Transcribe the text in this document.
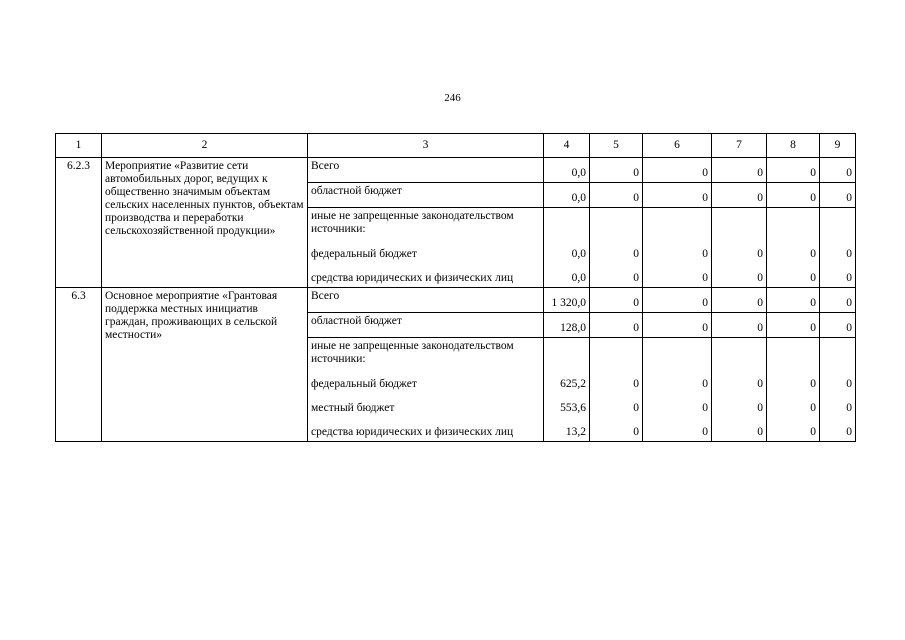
246
1	2	3	4	5	6	7	8	9
6.2.3	Мероприятие «Развитие сети автомобильных дорог, ведущих к общественно значимым объектам сельских населенных пунктов, объектам производства и переработки сельскохозяйственной продукции»	Всего	0,0	0	0	0	0	0
		областной бюджет	0,0	0	0	0	0	0
		иные не запрещенные законодательством источники:						
		федеральный бюджет	0,0	0	0	0	0	0
		средства юридических и физических лиц	0,0	0	0	0	0	0
6.3	Основное мероприятие «Грантовая поддержка местных инициатив граждан, проживающих в сельской местности»	Всего	1 320,0	0	0	0	0	0
		областной бюджет	128,0	0	0	0	0	0
		иные не запрещенные законодательством источники:						
		федеральный бюджет	625,2	0	0	0	0	0
		местный бюджет	553,6	0	0	0	0	0
		средства юридических и физических лиц	13,2	0	0	0	0	0
